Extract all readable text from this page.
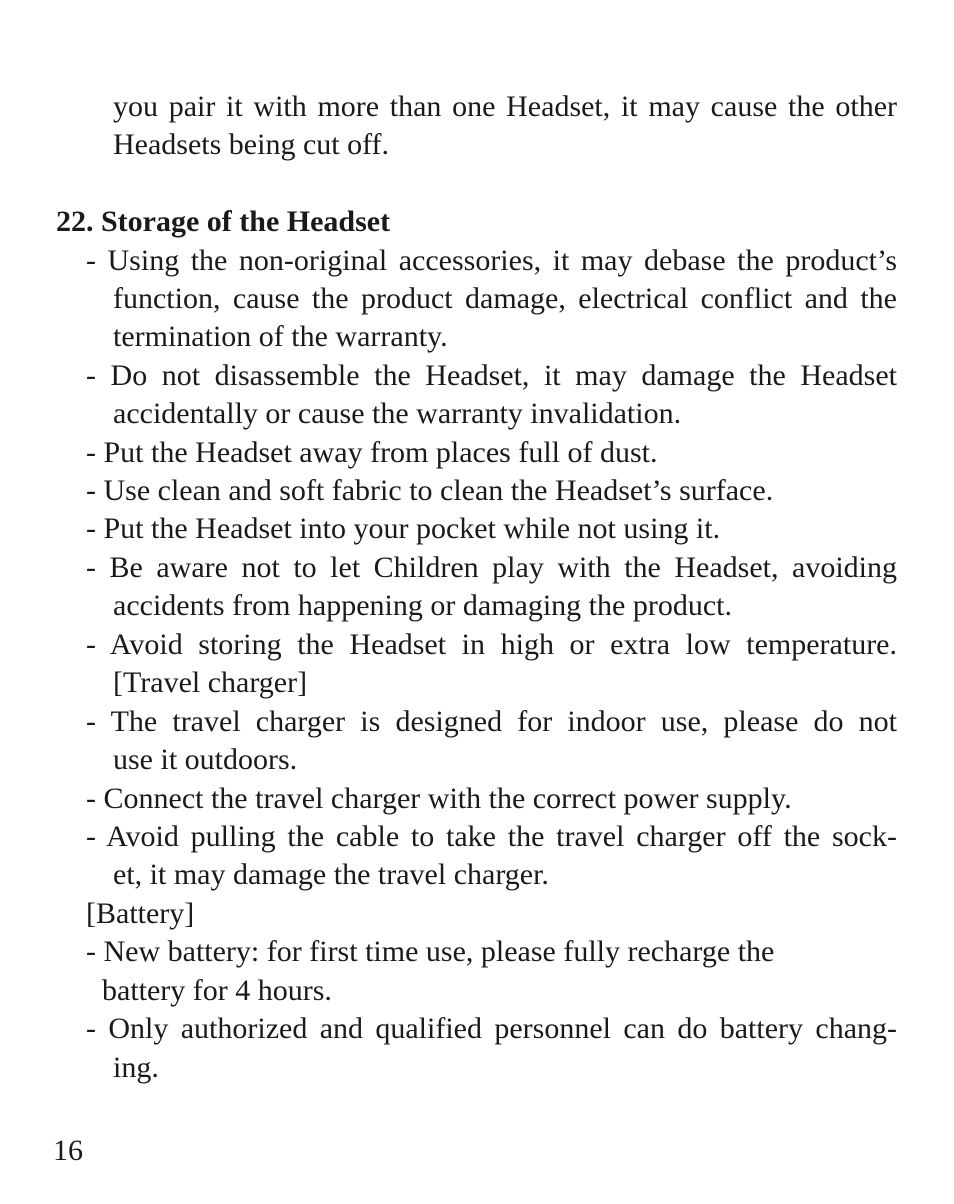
you pair it with more than one Headset, it may cause the other
Headsets being cut off.
22. Storage of the Headset
- Using the non-original accessories, it may debase the product’s
function, cause the product damage, electrical conflict and the
termination of the warranty.
- Do not disassemble the Headset, it may damage the Headset
accidentally or cause the warranty invalidation.
- Put the Headset away from places full of dust.
- Use clean and soft fabric to clean the Headset’s surface.
- Put the Headset into your pocket while not using it.
- Be aware not to let Children play with the Headset, avoiding
accidents from happening or damaging the product.
- Avoid storing the Headset in high or extra low temperature.
[Travel charger]
- The travel charger is designed for indoor use, please do not
use it outdoors.
- Connect the travel charger with the correct power supply.
- Avoid pulling the cable to take the travel charger off the sock-
et, it may damage the travel charger.
[Battery]
- New battery: for first time use, please fully recharge the
battery for 4 hours.
- Only authorized and qualified personnel can do battery chang-
ing.
16
